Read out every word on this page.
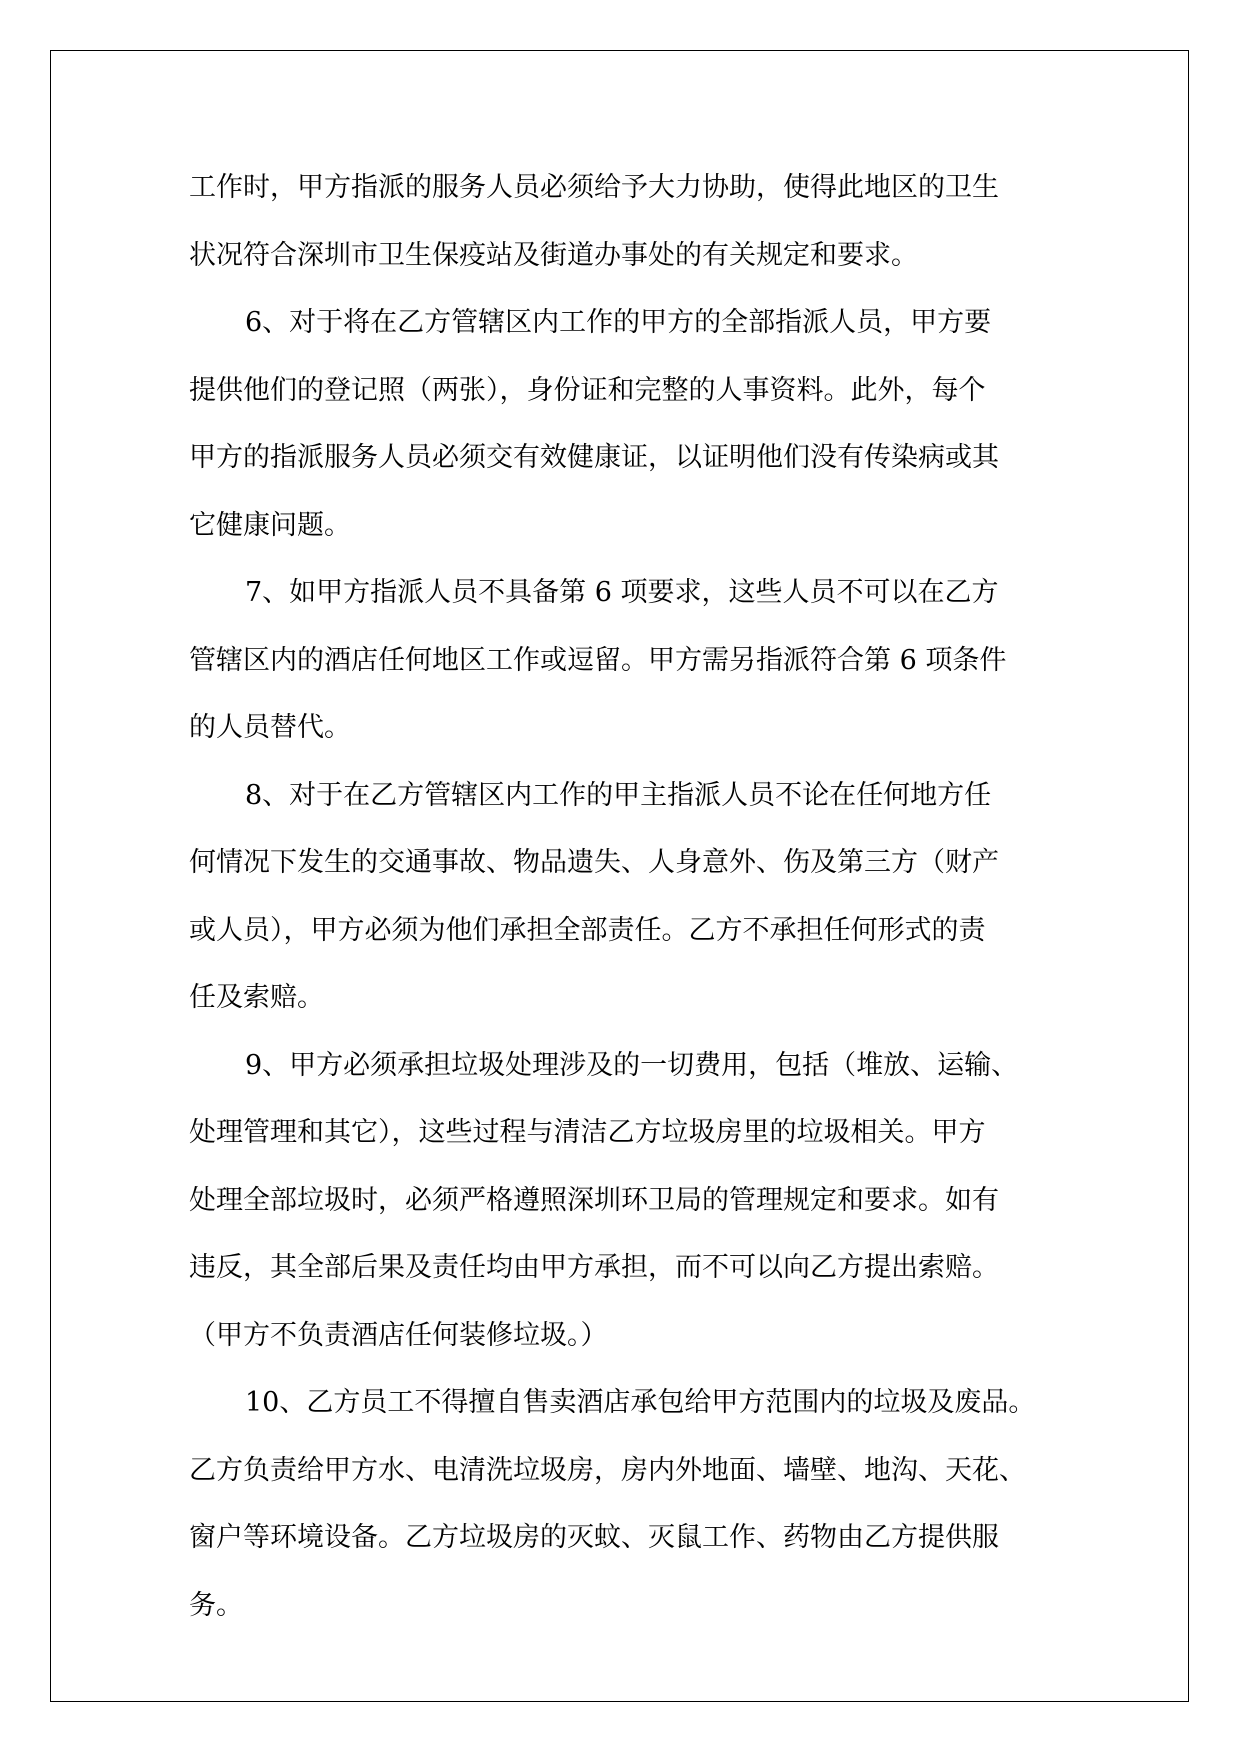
工作时，甲方指派的服务人员必须给予大力协助，使得此地区的卫生
状况符合深圳市卫生保疫站及街道办事处的有关规定和要求。
6、对于将在乙方管辖区内工作的甲方的全部指派人员，甲方要
提供他们的登记照（两张），身份证和完整的人事资料。此外，每个
甲方的指派服务人员必须交有效健康证，以证明他们没有传染病或其
它健康问题。
7、如甲方指派人员不具备第 6 项要求，这些人员不可以在乙方
管辖区内的酒店任何地区工作或逗留。甲方需另指派符合第 6 项条件
的人员替代。
8、对于在乙方管辖区内工作的甲主指派人员不论在任何地方任
何情况下发生的交通事故、物品遗失、人身意外、伤及第三方（财产
或人员），甲方必须为他们承担全部责任。乙方不承担任何形式的责
任及索赔。
9、甲方必须承担垃圾处理涉及的一切费用，包括（堆放、运输、
处理管理和其它），这些过程与清洁乙方垃圾房里的垃圾相关。甲方
处理全部垃圾时，必须严格遵照深圳环卫局的管理规定和要求。如有
违反，其全部后果及责任均由甲方承担，而不可以向乙方提出索赔。
（甲方不负责酒店任何装修垃圾。）
10、乙方员工不得擅自售卖酒店承包给甲方范围内的垃圾及废品。
乙方负责给甲方水、电清洗垃圾房，房内外地面、墙壁、地沟、天花、
窗户等环境设备。乙方垃圾房的灭蚊、灭鼠工作、药物由乙方提供服
务。
